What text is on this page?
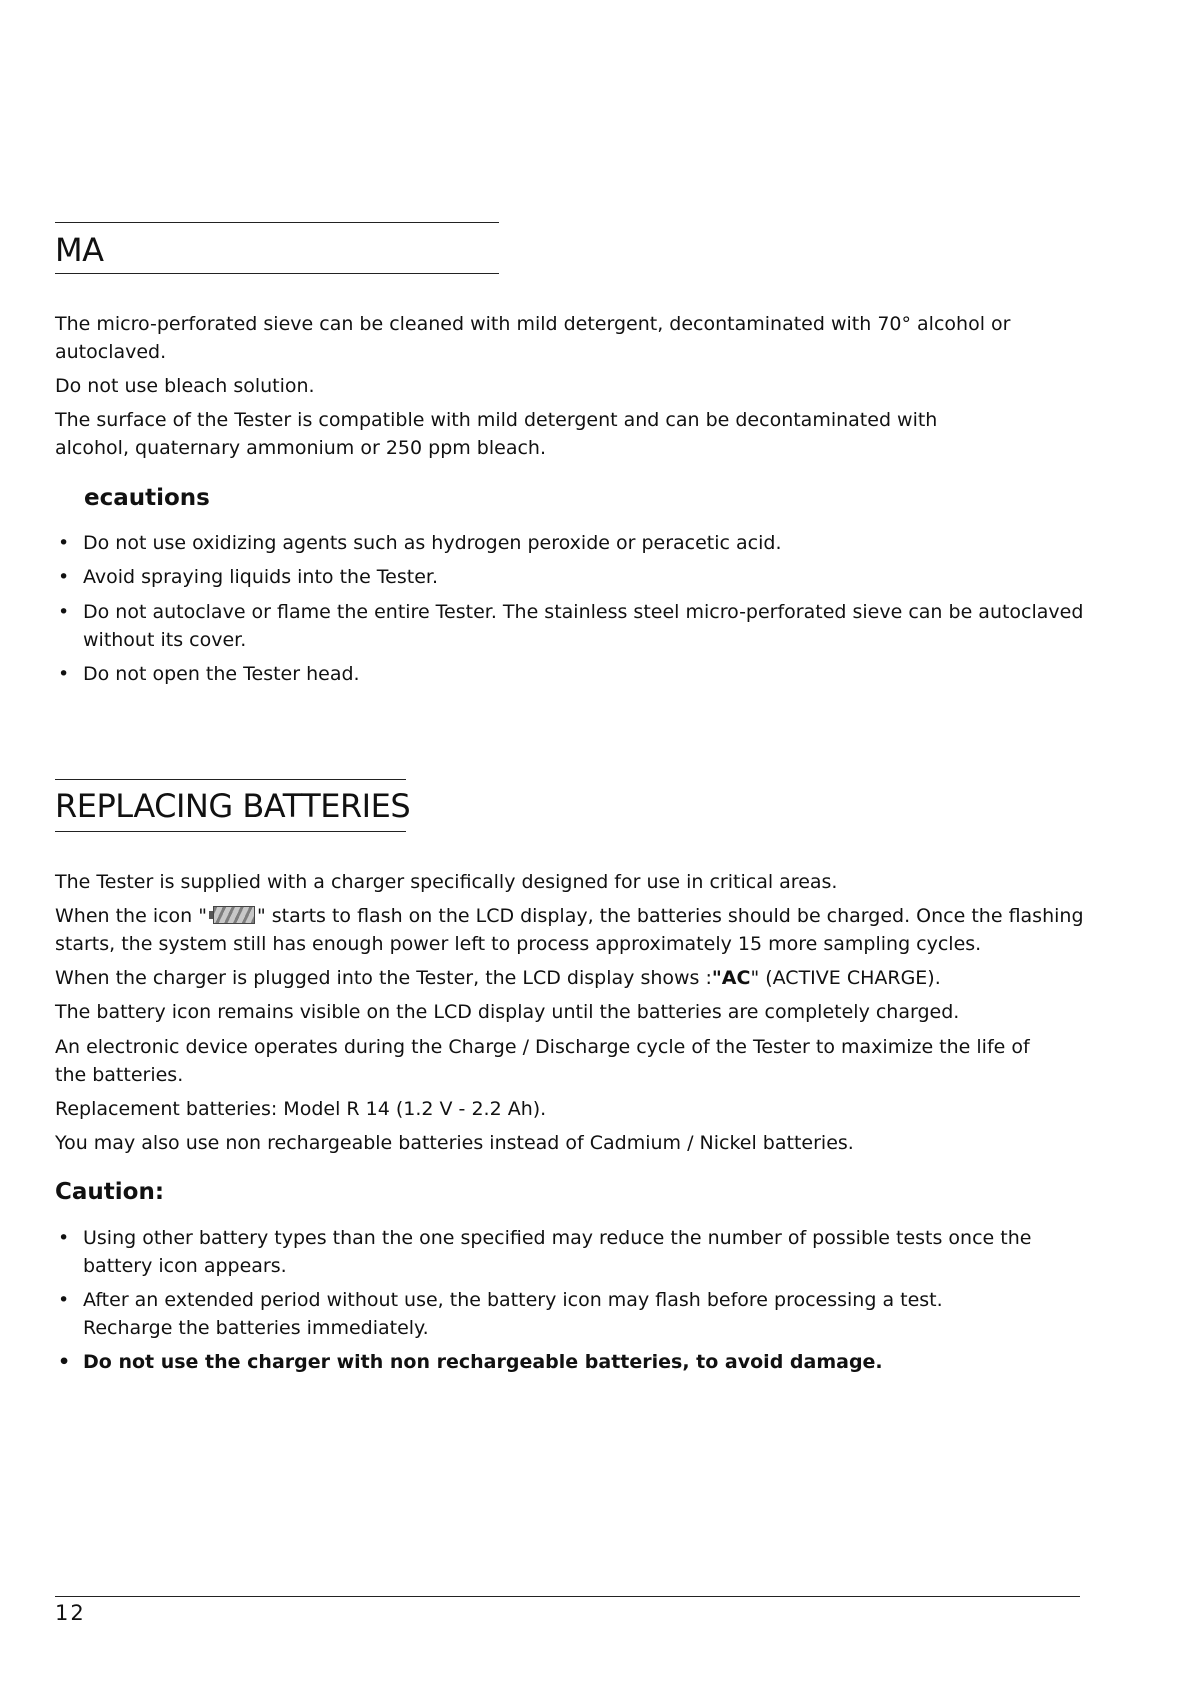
MA

The micro-perforated sieve can be cleaned with mild detergent, decontaminated with 70° alcohol or autoclaved.

Do not use bleach solution.

The surface of the Tester is compatible with mild detergent and can be decontaminated with alcohol, quaternary ammonium or 250 ppm bleach.

ecautions
• Do not use oxidizing agents such as hydrogen peroxide or peracetic acid.
• Avoid spraying liquids into the Tester.
• Do not autoclave or flame the entire Tester. The stainless steel micro-perforated sieve can be autoclaved without its cover.
• Do not open the Tester head.
REPLACING BATTERIES

The Tester is supplied with a charger specifically designed for use in critical areas.

When the icon "	" starts to flash on the LCD display, the batteries should be charged. Once the flashing starts, the system still has enough power left to process approximately 15 more sampling cycles.

When the charger is plugged into the Tester, the LCD display shows :"AC" (ACTIVE CHARGE).

The battery icon remains visible on the LCD display until the batteries are completely charged.

An electronic device operates during the Charge / Discharge cycle of the Tester to maximize the life of the batteries.

Replacement batteries: Model R 14 (1.2 V - 2.2 Ah).

You may also use non rechargeable batteries instead of Cadmium / Nickel batteries.

Caution:
• Using other battery types than the one specified may reduce the number of possible tests once the battery icon appears.
• After an extended period without use, the battery icon may flash before processing a test.
Recharge the batteries immediately.
• Do not use the charger with non rechargeable batteries, to avoid damage.
12
